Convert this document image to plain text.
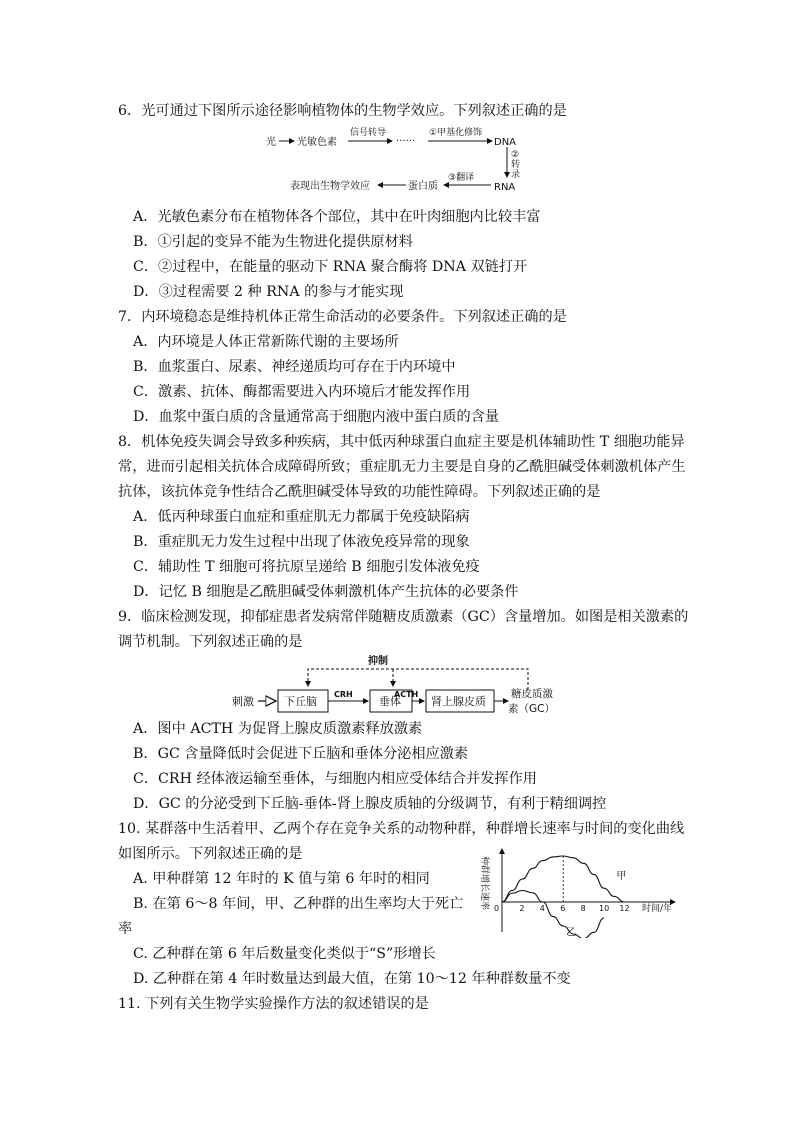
6．光可通过下图所示途径影响植物体的生物学效应。下列叙述正确的是
光 光敏色素
信号转导
······
①甲基化修饰
DNA
②
转
录
RNA
③翻译
蛋白质
表现出生物学效应
A．光敏色素分布在植物体各个部位，其中在叶肉细胞内比较丰富
B．①引起的变异不能为生物进化提供原材料
C．②过程中，在能量的驱动下 RNA 聚合酶将 DNA 双链打开
D．③过程需要 2 种 RNA 的参与才能实现
7．内环境稳态是维持机体正常生命活动的必要条件。下列叙述正确的是
A．内环境是人体正常新陈代谢的主要场所
B．血浆蛋白、尿素、神经递质均可存在于内环境中
C．激素、抗体、酶都需要进入内环境后才能发挥作用
D．血浆中蛋白质的含量通常高于细胞内液中蛋白质的含量
8．机体免疫失调会导致多种疾病，其中低丙种球蛋白血症主要是机体辅助性 T 细胞功能异
常，进而引起相关抗体合成障碍所致；重症肌无力主要是自身的乙酰胆碱受体刺激机体产生
抗体，该抗体竞争性结合乙酰胆碱受体导致的功能性障碍。下列叙述正确的是
A．低丙种球蛋白血症和重症肌无力都属于免疫缺陷病
B．重症肌无力发生过程中出现了体液免疫异常的现象
C．辅助性 T 细胞可将抗原呈递给 B 细胞引发体液免疫
D．记忆 B 细胞是乙酰胆碱受体刺激机体产生抗体的必要条件
9．临床检测发现，抑郁症患者发病常伴随糖皮质激素（GC）含量增加。如图是相关激素的
调节机制。下列叙述正确的是
抑制
刺激	下丘脑
CRH
垂体
ACTH
肾上腺皮质
糖皮质激
素（GC）
A．图中 ACTH 为促肾上腺皮质激素释放激素
B．GC 含量降低时会促进下丘脑和垂体分泌相应激素
C．CRH 经体液运输至垂体，与细胞内相应受体结合并发挥作用
D．GC 的分泌受到下丘脑-垂体-肾上腺皮质轴的分级调节，有利于精细调控
10. 某群落中生活着甲、乙两个存在竞争关系的动物种群，种群增长速率与时间的变化曲线
如图所示。下列叙述正确的是
A. 甲种群第 12 年时的 K 值与第 6 年时的相同
B. 在第 6～8 年间，甲、乙种群的出生率均大于死亡
率
C. 乙种群在第 6 年后数量变化类似于“S”形增长
D. 乙种群在第 4 年时数量达到最大值，在第 10～12 年种群数量不变
0	2 4 6 8 10 12
甲
乙
种群增长速率	时间/年
11. 下列有关生物学实验操作方法的叙述错误的是
